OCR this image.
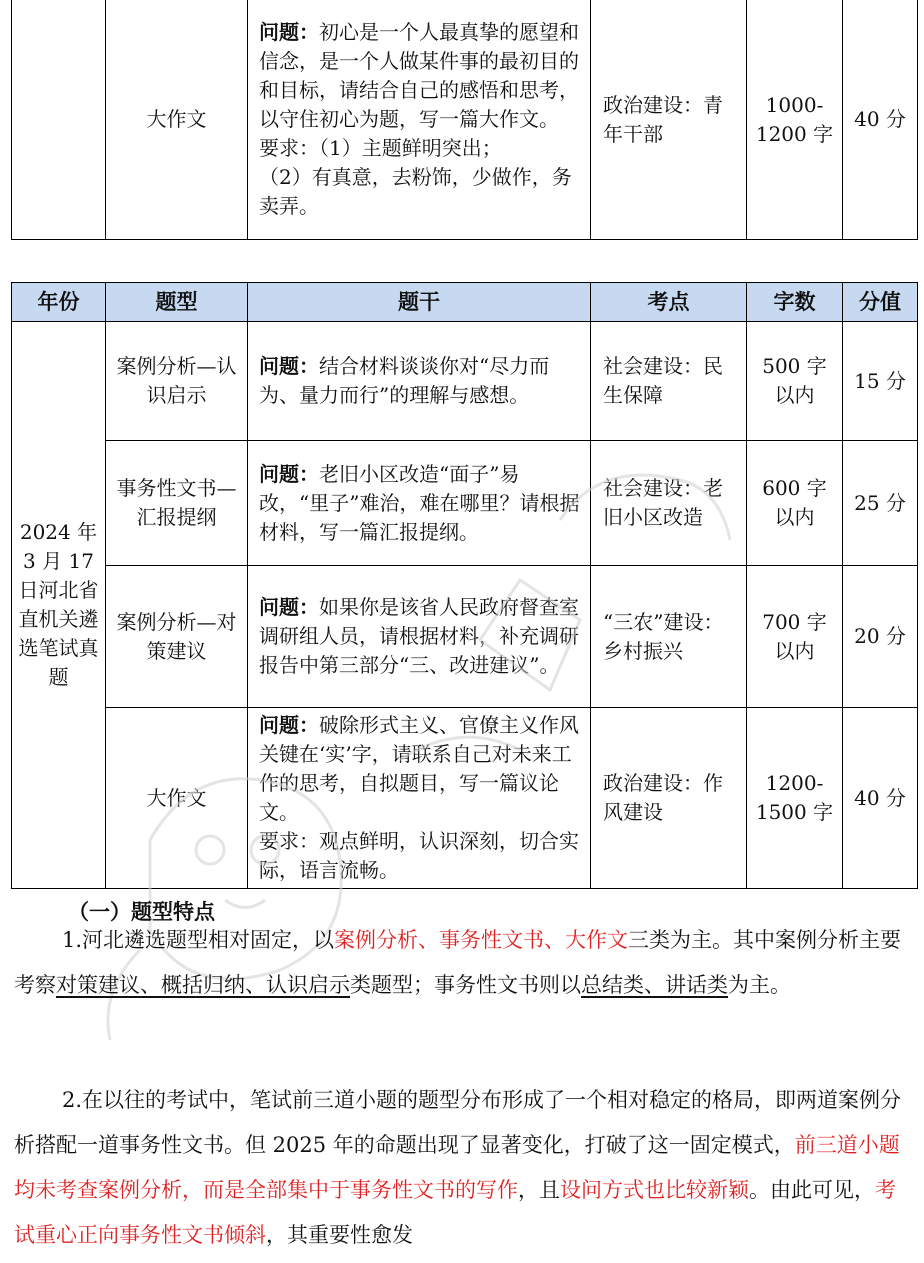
	大作文	问题：初心是一个人最真挚的愿望和信念，是一个人做某件事的最初目的和目标，请结合自己的感悟和思考，以守住初心为题，写一篇大作文。
要求：（1）主题鲜明突出；
（2）有真意，去粉饰，少做作，务卖弄。	政治建设：青年干部	1000-1200 字	40 分
年份	题型	题干	考点	字数	分值
2024 年 3 月 17 日河北省直机关遴选笔试真题	案例分析—认识启示	问题：结合材料谈谈你对“尽力而为、量力而行”的理解与感想。	社会建设：民生保障	500 字以内	15 分
	事务性文书—汇报提纲	问题：老旧小区改造“面子”易改，“里子”难治，难在哪里？请根据材料，写一篇汇报提纲。	社会建设：老旧小区改造	600 字以内	25 分
	案例分析—对策建议	问题：如果你是该省人民政府督查室调研组人员，请根据材料，补充调研报告中第三部分“三、改进建议”。	“三农”建设：乡村振兴	700 字以内	20 分
	大作文	问题：破除形式主义、官僚主义作风关键在‘实’字，请联系自己对未来工作的思考，自拟题目，写一篇议论文。
要求：观点鲜明，认识深刻，切合实际，语言流畅。	政治建设：作风建设	1200-1500 字	40 分
（一）题型特点

1.河北遴选题型相对固定，以案例分析、事务性文书、大作文三类为主。其中案例分析主要考察对策建议、概括归纳、认识启示类题型；事务性文书则以总结类、讲话类为主。

2.在以往的考试中，笔试前三道小题的题型分布形成了一个相对稳定的格局，即两道案例分析搭配一道事务性文书。但 2025 年的命题出现了显著变化，打破了这一固定模式，前三道小题均未考查案例分析，而是全部集中于事务性文书的写作，且设问方式也比较新颖。由此可见，考试重心正向事务性文书倾斜，其重要性愈发
